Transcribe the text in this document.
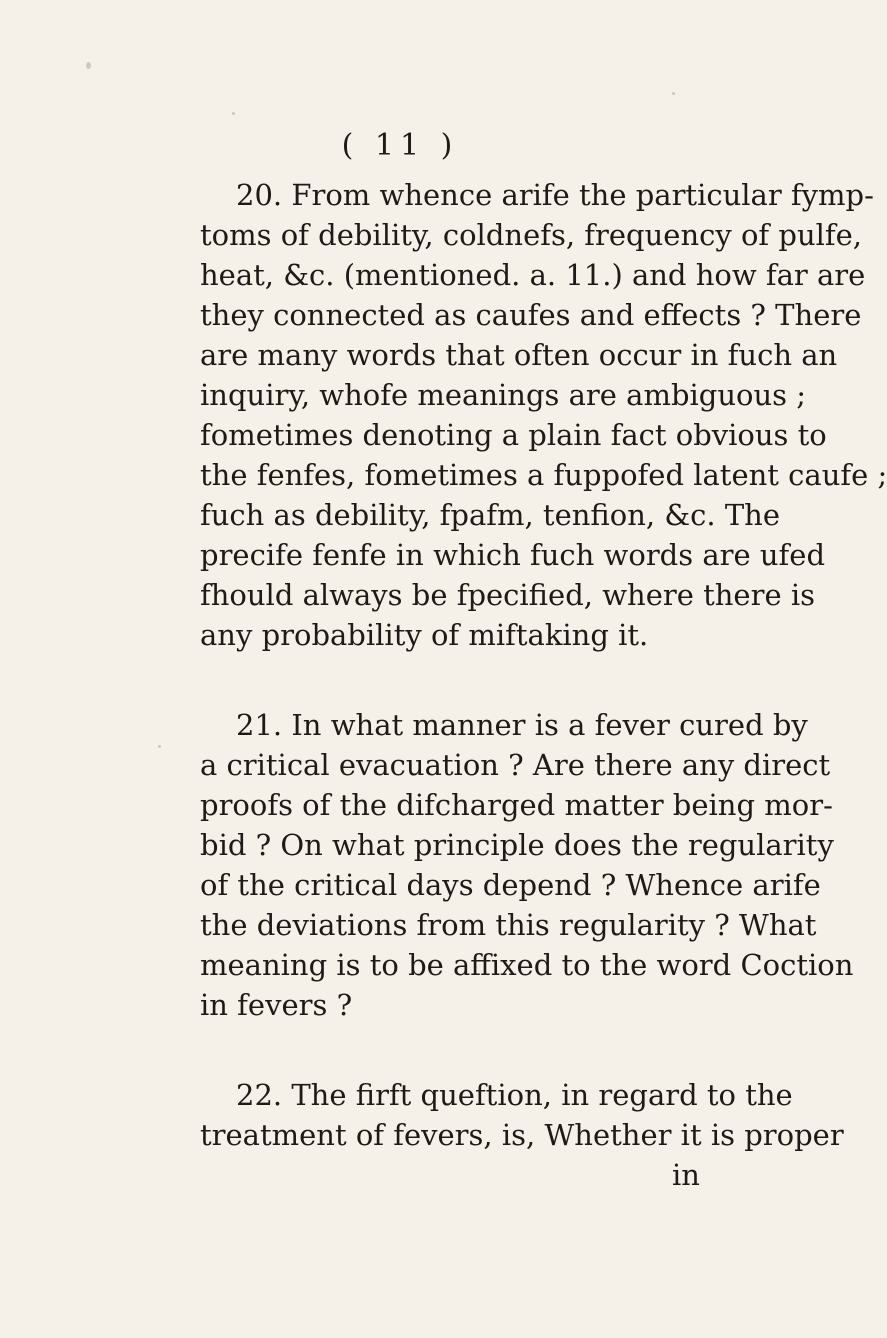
( 11 )
20. From whence arife the particular fymp-
toms of debility, coldnefs, frequency of pulfe,
heat, &c. (mentioned. a. 11.) and how far are
they connected as caufes and effects ? There
are many words that often occur in fuch an
inquiry, whofe meanings are ambiguous ;
fometimes denoting a plain fact obvious to
the fenfes, fometimes a fuppofed latent caufe ;
fuch as debility, fpafm, tenfion, &c. The
precife fenfe in which fuch words are ufed
fhould always be fpecified, where there is
any probability of miftaking it.
21. In what manner is a fever cured by
a critical evacuation ? Are there any direct
proofs of the difcharged matter being mor-
bid ? On what principle does the regularity
of the critical days depend ? Whence arife
the deviations from this regularity ? What
meaning is to be affixed to the word Coction
in fevers ?
22. The firft queftion, in regard to the
treatment of fevers, is, Whether it is proper
in
